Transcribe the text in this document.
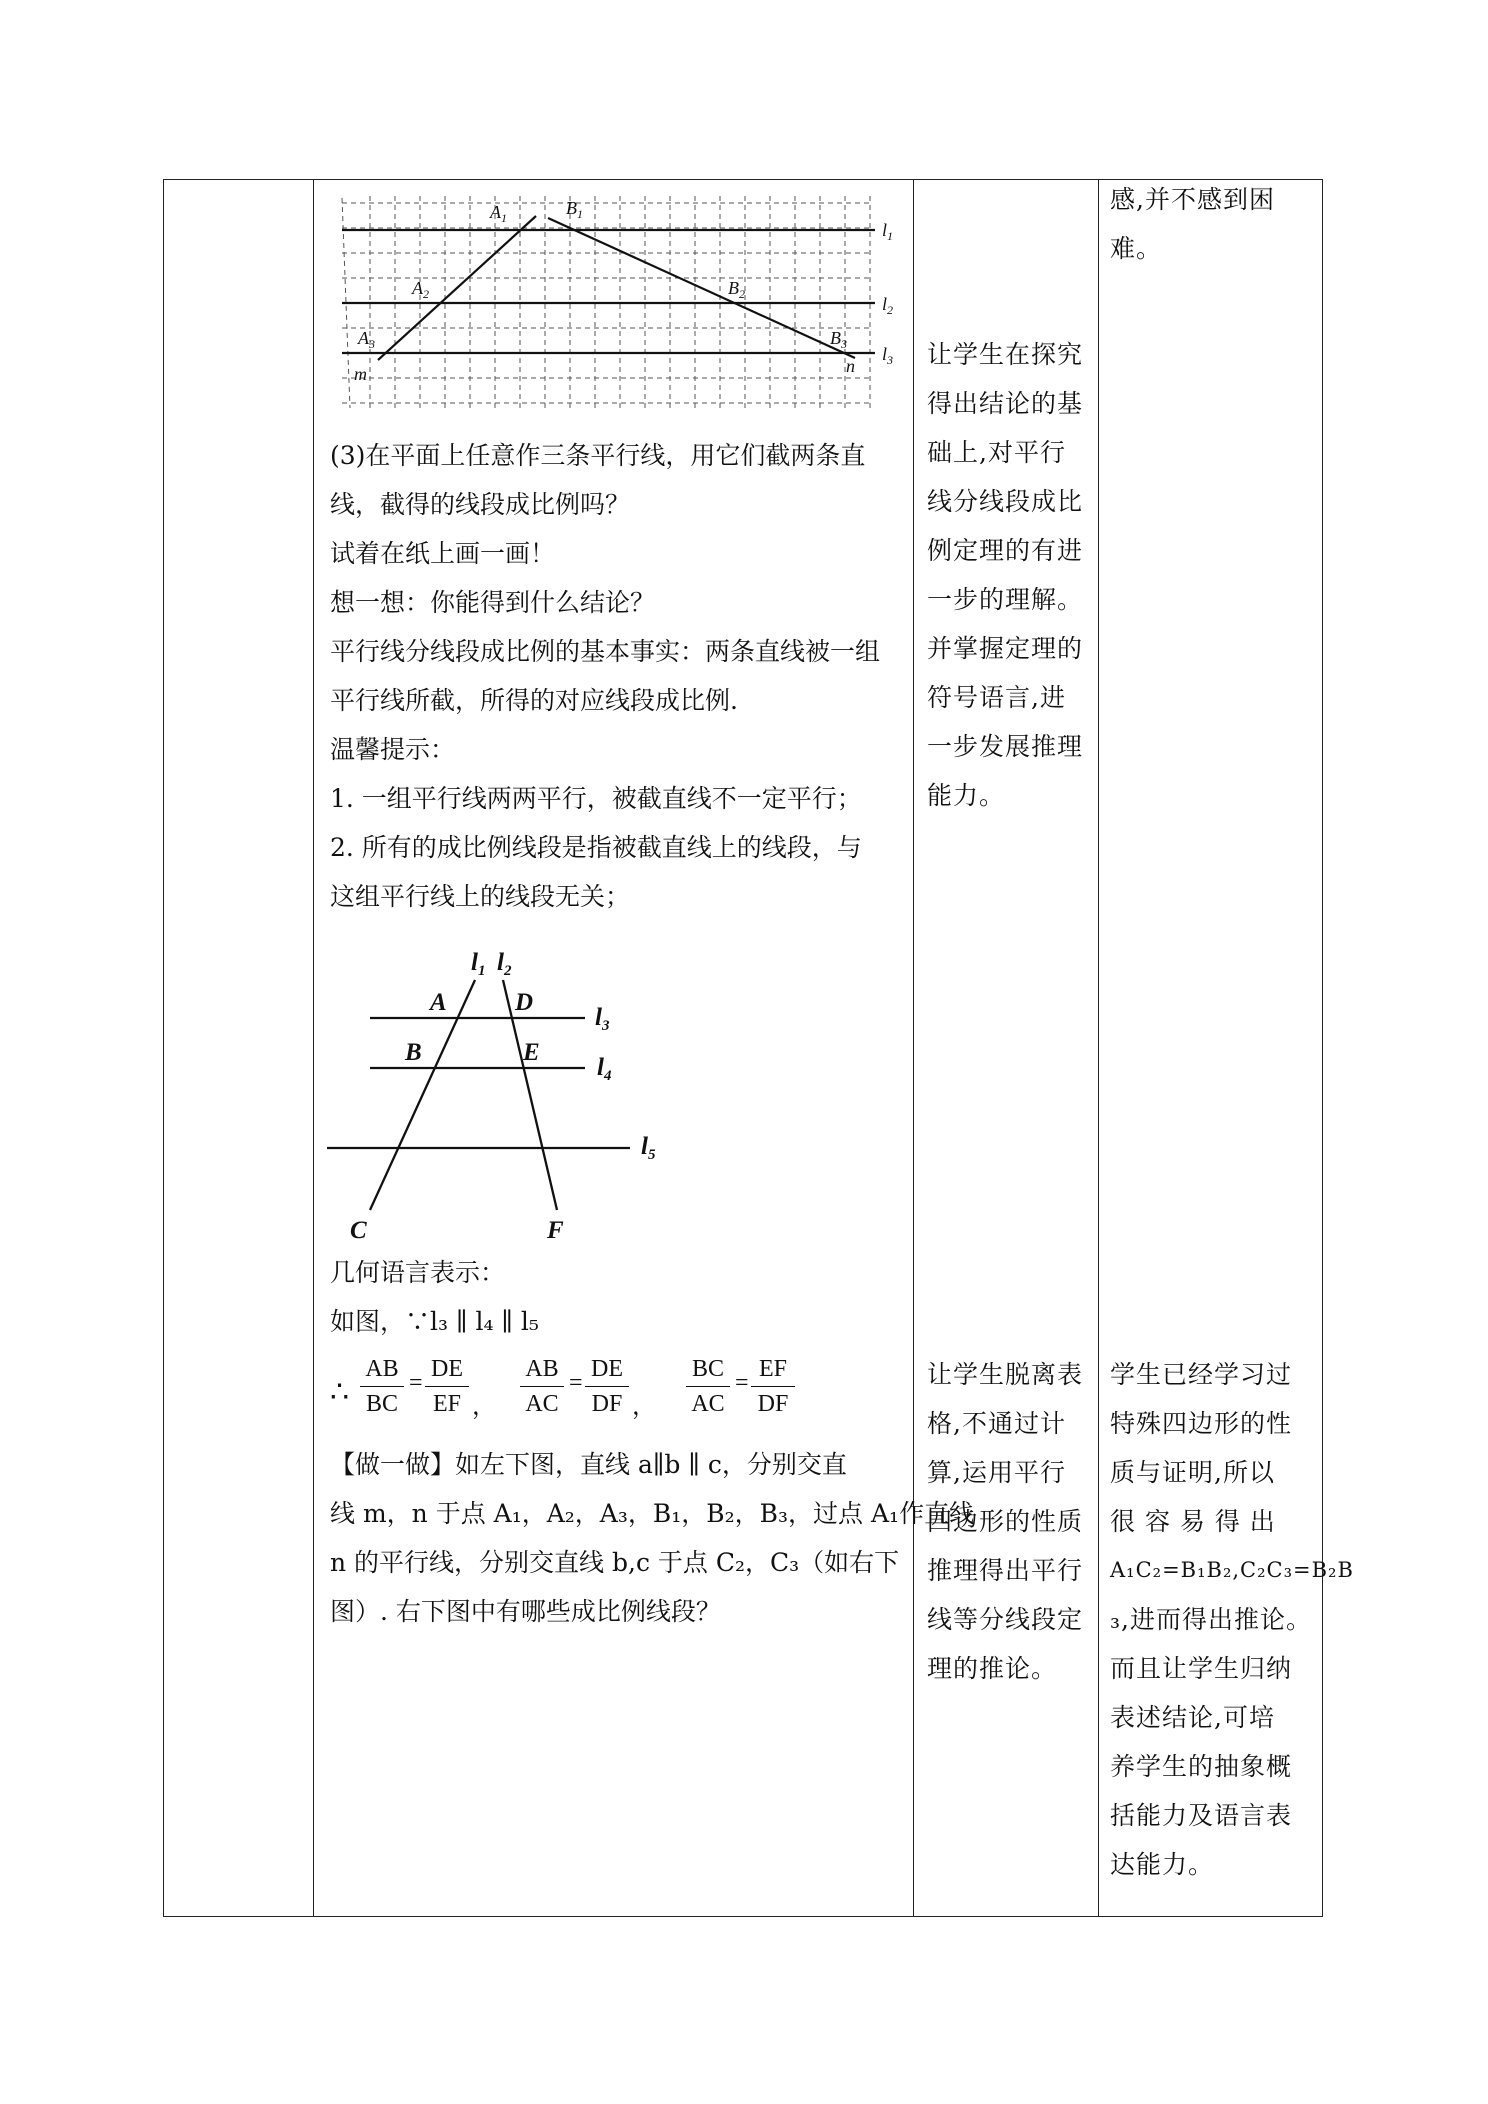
$A_1$	$B_1$
$A_2$	$B_2$
$A_3$	$B_3$
m	n
$l_1$
$l_2$
$l_3$
(3)在平面上任意作三条平行线，用它们截两条直
线，截得的线段成比例吗？
试着在纸上画一画！
想一想：你能得到什么结论？
平行线分线段成比例的基本事实：两条直线被一组
平行线所截，所得的对应线段成比例.
温馨提示：
1. 一组平行线两两平行，被截直线不一定平行；
2. 所有的成比例线段是指被截直线上的线段，与
这组平行线上的线段无关；
$l_1$ $l_2$
$l_3$
$l_4$
$l_5$
A
B
C
D
E
F
几何语言表示：
如图，∵l₃ ∥ l₄ ∥ l₅
∴
AB
BC
=
DE
EF ，
AB
AC
=
DE
DF ，
BC
AC
=
EF
DF
【做一做】如左下图，直线 a∥b ∥ c，分别交直
线 m，n 于点 A₁，A₂，A₃，B₁，B₂，B₃，过点 A₁作直线
n 的平行线，分别交直线 b,c 于点 C₂，C₃（如右下
图）. 右下图中有哪些成比例线段？
让学生在探究
得出结论的基
础上,对平行
线分线段成比
例定理的有进
一步的理解。
并掌握定理的
符号语言,进
一步发展推理
能力。
让学生脱离表
格,不通过计
算,运用平行
四边形的性质
推理得出平行
线等分线段定
理的推论。
感,并不感到困
难。
学生已经学习过
特殊四边形的性
质与证明,所以
很 容 易 得 出
A₁C₂=B₁B₂,C₂C₃=B₂B
₃,进而得出推论。
而且让学生归纳
表述结论,可培
养学生的抽象概
括能力及语言表
达能力。
